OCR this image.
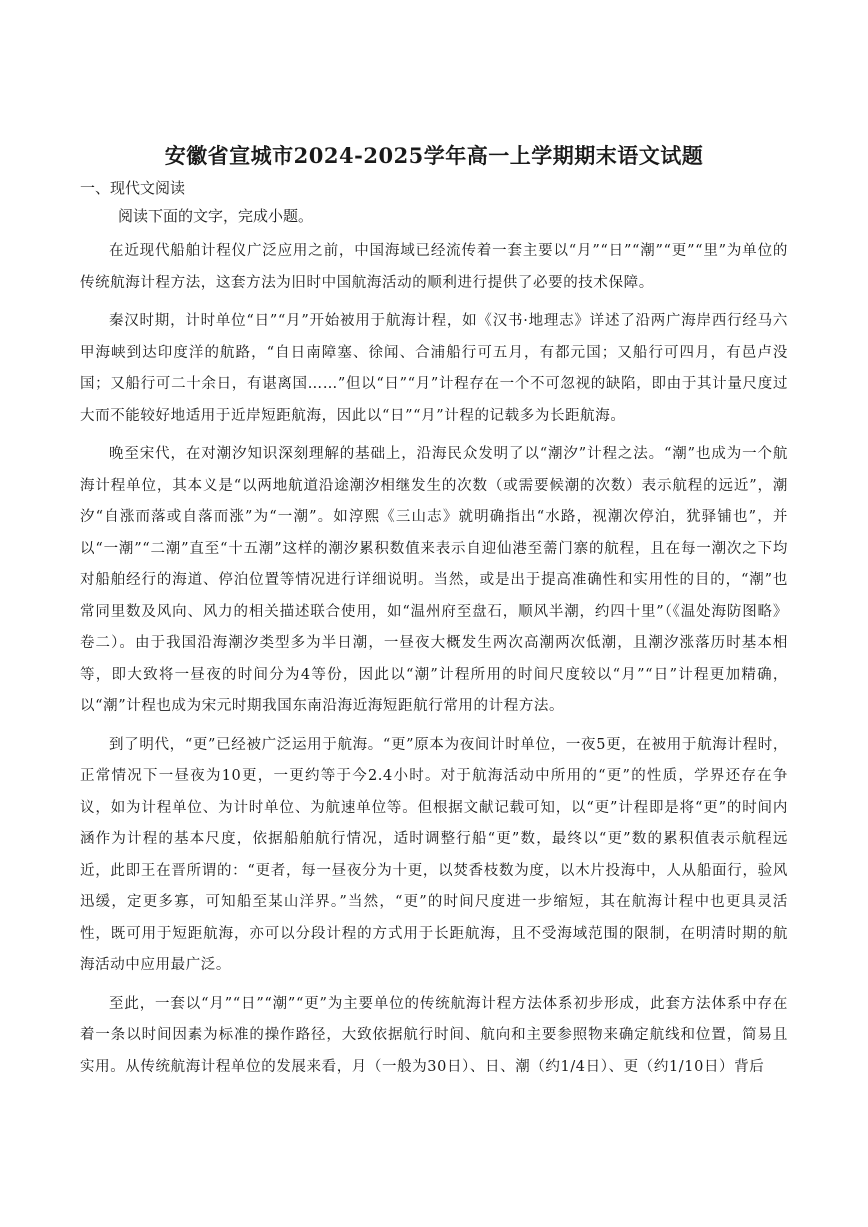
安徽省宣城市2024-2025学年高一上学期期末语文试题
一、现代文阅读

阅读下面的文字，完成小题。

在近现代船舶计程仪广泛应用之前，中国海域已经流传着一套主要以“月”“日”“潮”“更”“里”为单位的传统航海计程方法，这套方法为旧时中国航海活动的顺利进行提供了必要的技术保障。

秦汉时期，计时单位“日”“月”开始被用于航海计程，如《汉书·地理志》详述了沿两广海岸西行经马六甲海峡到达印度洋的航路，“自日南障塞、徐闻、合浦船行可五月，有都元国；又船行可四月，有邑卢没国；又船行可二十余日，有谌离国……”但以“日”“月”计程存在一个不可忽视的缺陷，即由于其计量尺度过大而不能较好地适用于近岸短距航海，因此以“日”“月”计程的记载多为长距航海。

晚至宋代，在对潮汐知识深刻理解的基础上，沿海民众发明了以“潮汐”计程之法。“潮”也成为一个航海计程单位，其本义是“以两地航道沿途潮汐相继发生的次数（或需要候潮的次数）表示航程的远近”，潮汐“自涨而落或自落而涨”为“一潮”。如淳熙《三山志》就明确指出“水路，视潮次停泊，犹驿铺也”，并以“一潮”“二潮”直至“十五潮”这样的潮汐累积数值来表示自迎仙港至薷门寨的航程，且在每一潮次之下均对船舶经行的海道、停泊位置等情况进行详细说明。当然，或是出于提高准确性和实用性的目的，“潮”也常同里数及风向、风力的相关描述联合使用，如“温州府至盘石，顺风半潮，约四十里”（《温处海防图略》卷二）。由于我国沿海潮汐类型多为半日潮，一昼夜大概发生两次高潮两次低潮，且潮汐涨落历时基本相等，即大致将一昼夜的时间分为4等份，因此以“潮”计程所用的时间尺度较以“月”“日”计程更加精确，以“潮”计程也成为宋元时期我国东南沿海近海短距航行常用的计程方法。

到了明代，“更”已经被广泛运用于航海。“更”原本为夜间计时单位，一夜5更，在被用于航海计程时，正常情况下一昼夜为10更，一更约等于今2.4小时。对于航海活动中所用的“更”的性质，学界还存在争议，如为计程单位、为计时单位、为航速单位等。但根据文献记载可知，以“更”计程即是将“更”的时间内涵作为计程的基本尺度，依据船舶航行情况，适时调整行船“更”数，最终以“更”数的累积值表示航程远近，此即王在晋所谓的：“更者，每一昼夜分为十更，以焚香枝数为度，以木片投海中，人从船面行，验风迅缓，定更多寡，可知船至某山洋界。”当然，“更”的时间尺度进一步缩短，其在航海计程中也更具灵活性，既可用于短距航海，亦可以分段计程的方式用于长距航海，且不受海域范围的限制，在明清时期的航海活动中应用最广泛。

至此，一套以“月”“日”“潮”“更”为主要单位的传统航海计程方法体系初步形成，此套方法体系中存在着一条以时间因素为标准的操作路径，大致依据航行时间、航向和主要参照物来确定航线和位置，简易且实用。从传统航海计程单位的发展来看，月（一般为30日）、日、潮（约1/4日）、更（约1/10日）背后
